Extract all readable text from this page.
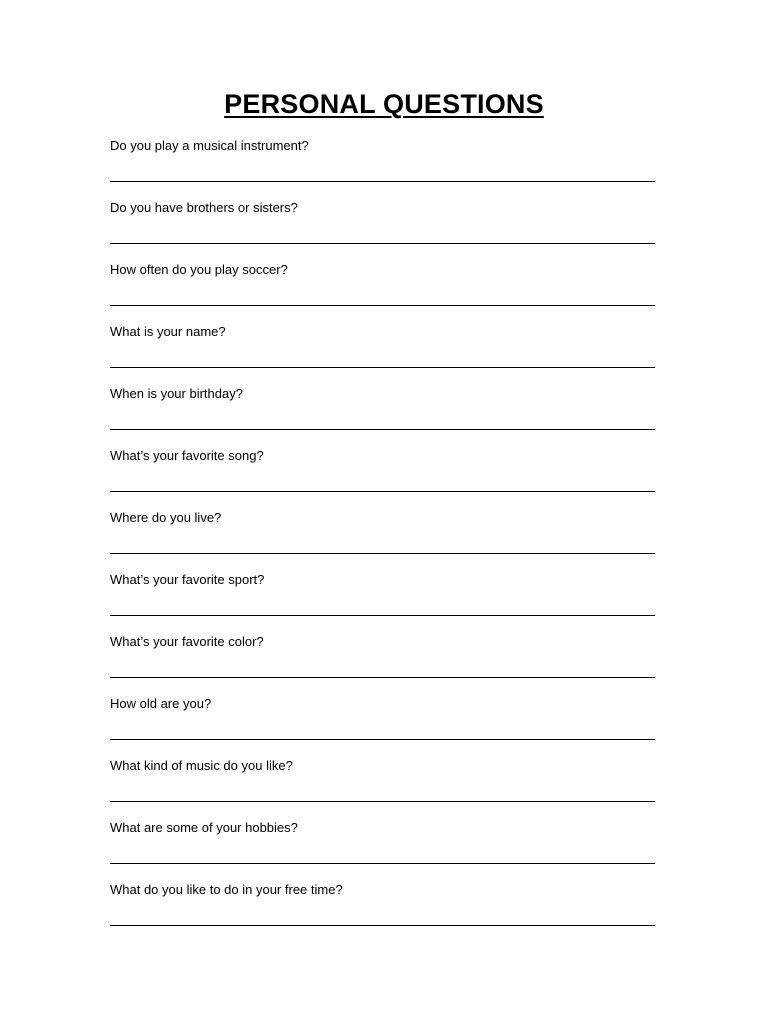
PERSONAL QUESTIONS
Do you play a musical instrument?
Do you have brothers or sisters?
How often do you play soccer?
What is your name?
When is your birthday?
What’s your favorite song?
Where do you live?
What’s your favorite sport?
What’s your favorite color?
How old are you?
What kind of music do you like?
What are some of your hobbies?
What do you like to do in your free time?
